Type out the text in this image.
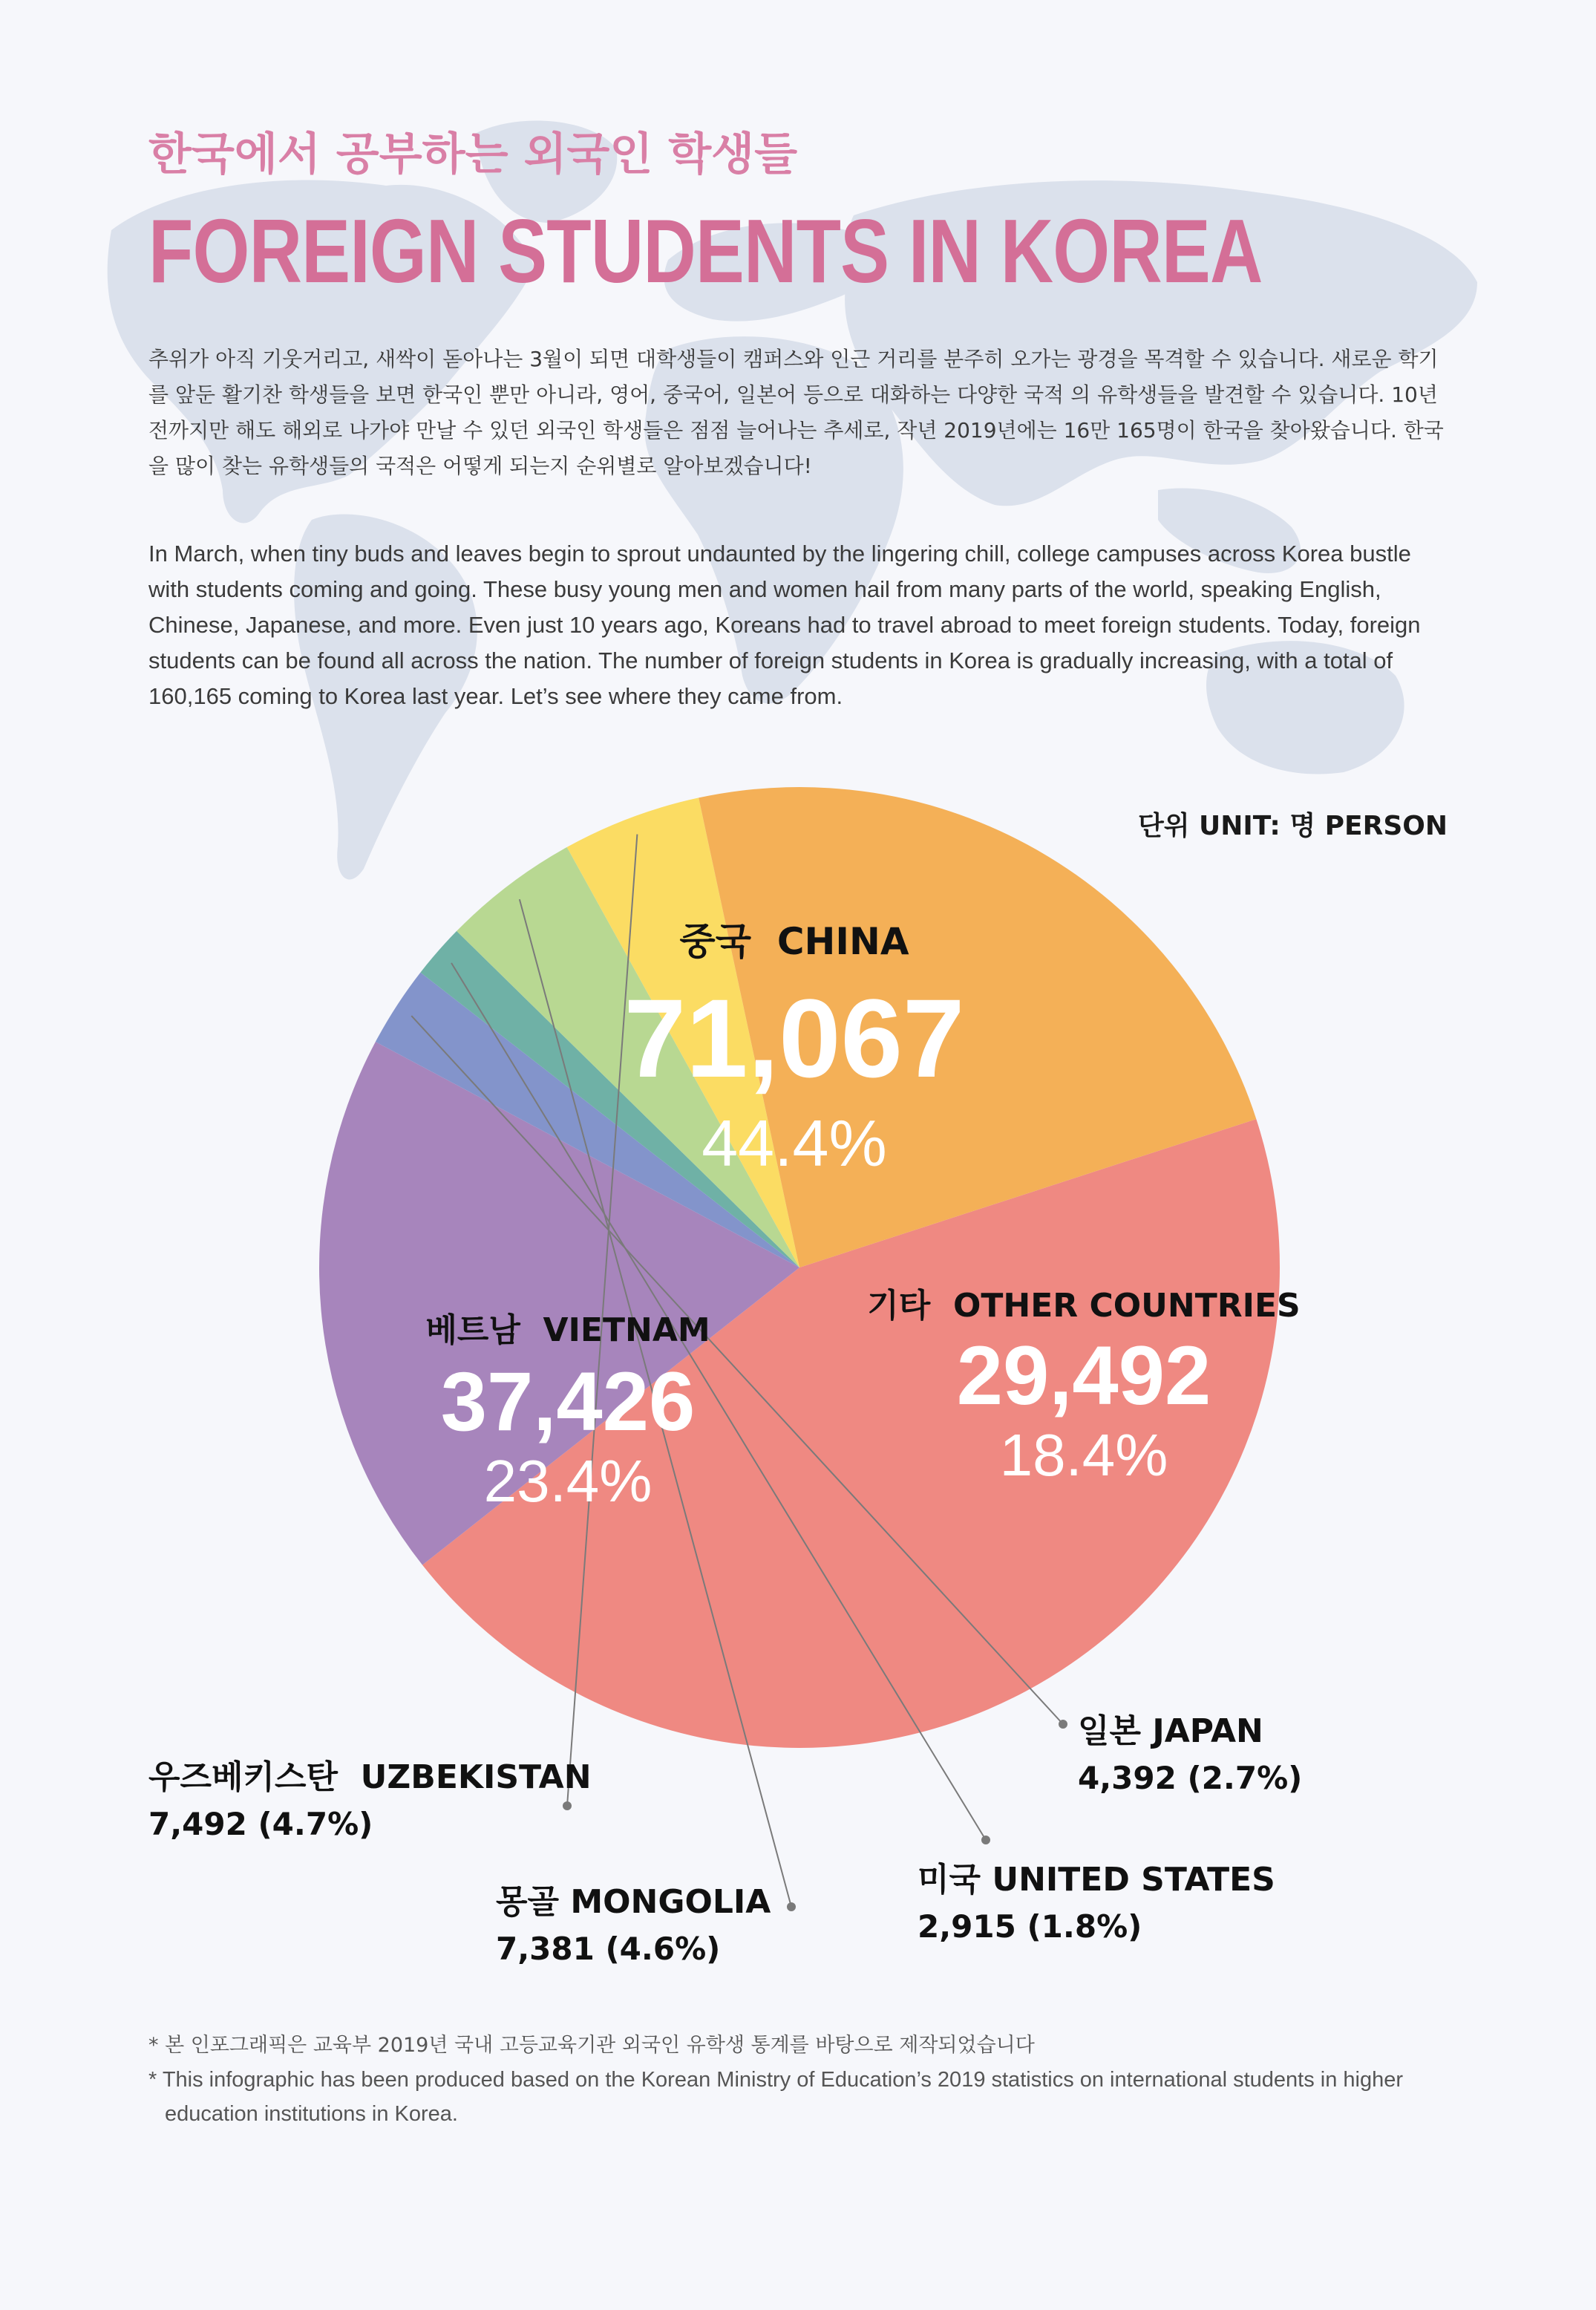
한국에서 공부하는 외국인 학생들
FOREIGN STUDENTS IN KOREA

추위가 아직 기웃거리고, 새싹이 돋아나는 3월이 되면 대학생들이 캠퍼스와 인근 거리를 분주히 오가는 광경을 목격할 수 있습니다. 새로운 학기를 앞둔 활기찬 학생들을 보면 한국인 뿐만 아니라, 영어, 중국어, 일본어 등으로 대화하는 다양한 국적 의 유학생들을 발견할 수 있습니다. 10년 전까지만 해도 해외로 나가야 만날 수 있던 외국인 학생들은 점점 늘어나는 추세로, 작년 2019년에는 16만 165명이 한국을 찾아왔습니다. 한국을 많이 찾는 유학생들의 국적은 어떻게 되는지 순위별로 알아보겠습니다!

In March, when tiny buds and leaves begin to sprout undaunted by the lingering chill, college campuses across Korea bustle with students coming and going. These busy young men and women hail from many parts of the world, speaking English, Chinese, Japanese, and more. Even just 10 years ago, Koreans had to travel abroad to meet foreign students. Today, foreign students can be found all across the nation. The number of foreign students in Korea is gradually increasing, with a total of 160,165 coming to Korea last year. Let’s see where they came from.

단위 UNIT: 명 PERSON
중국 CHINA
71,067
44.4%
기타 OTHER COUNTRIES
29,492
18.4%
베트남 VIETNAM
37,426
23.4%
일본 JAPAN
4,392 (2.7%)
미국 UNITED STATES
2,915 (1.8%)
몽골 MONGOLIA
7,381 (4.6%)
우즈베키스탄 UZBEKISTAN
7,492 (4.7%)

* 본 인포그래픽은 교육부 2019년 국내 고등교육기관 외국인 유학생 통계를 바탕으로 제작되었습니다

* This infographic has been produced based on the Korean Ministry of Education’s 2019 statistics on international students in higher education institutions in Korea.
